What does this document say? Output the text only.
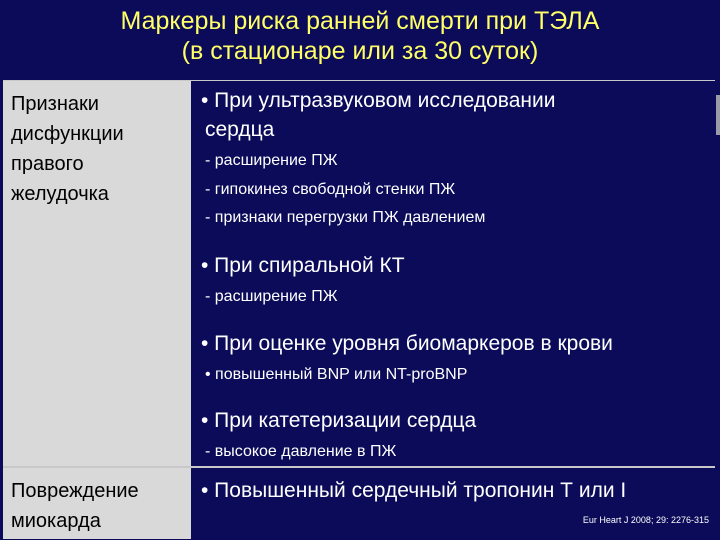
Маркеры риска ранней смерти при ТЭЛА
(в стационаре или за 30 суток)
Признаки
дисфункции
правого
желудочка
• При ультразвуковом исследовании
сердца
- расширение ПЖ
- гипокинез свободной стенки ПЖ
- признаки перегрузки ПЖ давлением
• При спиральной КТ
- расширение ПЖ
• При оценке уровня биомаркеров в крови
• повышенный BNP или NT-proBNP
• При катетеризации сердца
- высокое давление в ПЖ
Повреждение
миокарда
• Повышенный сердечный тропонин Т или I
Eur Heart J 2008; 29: 2276-315
